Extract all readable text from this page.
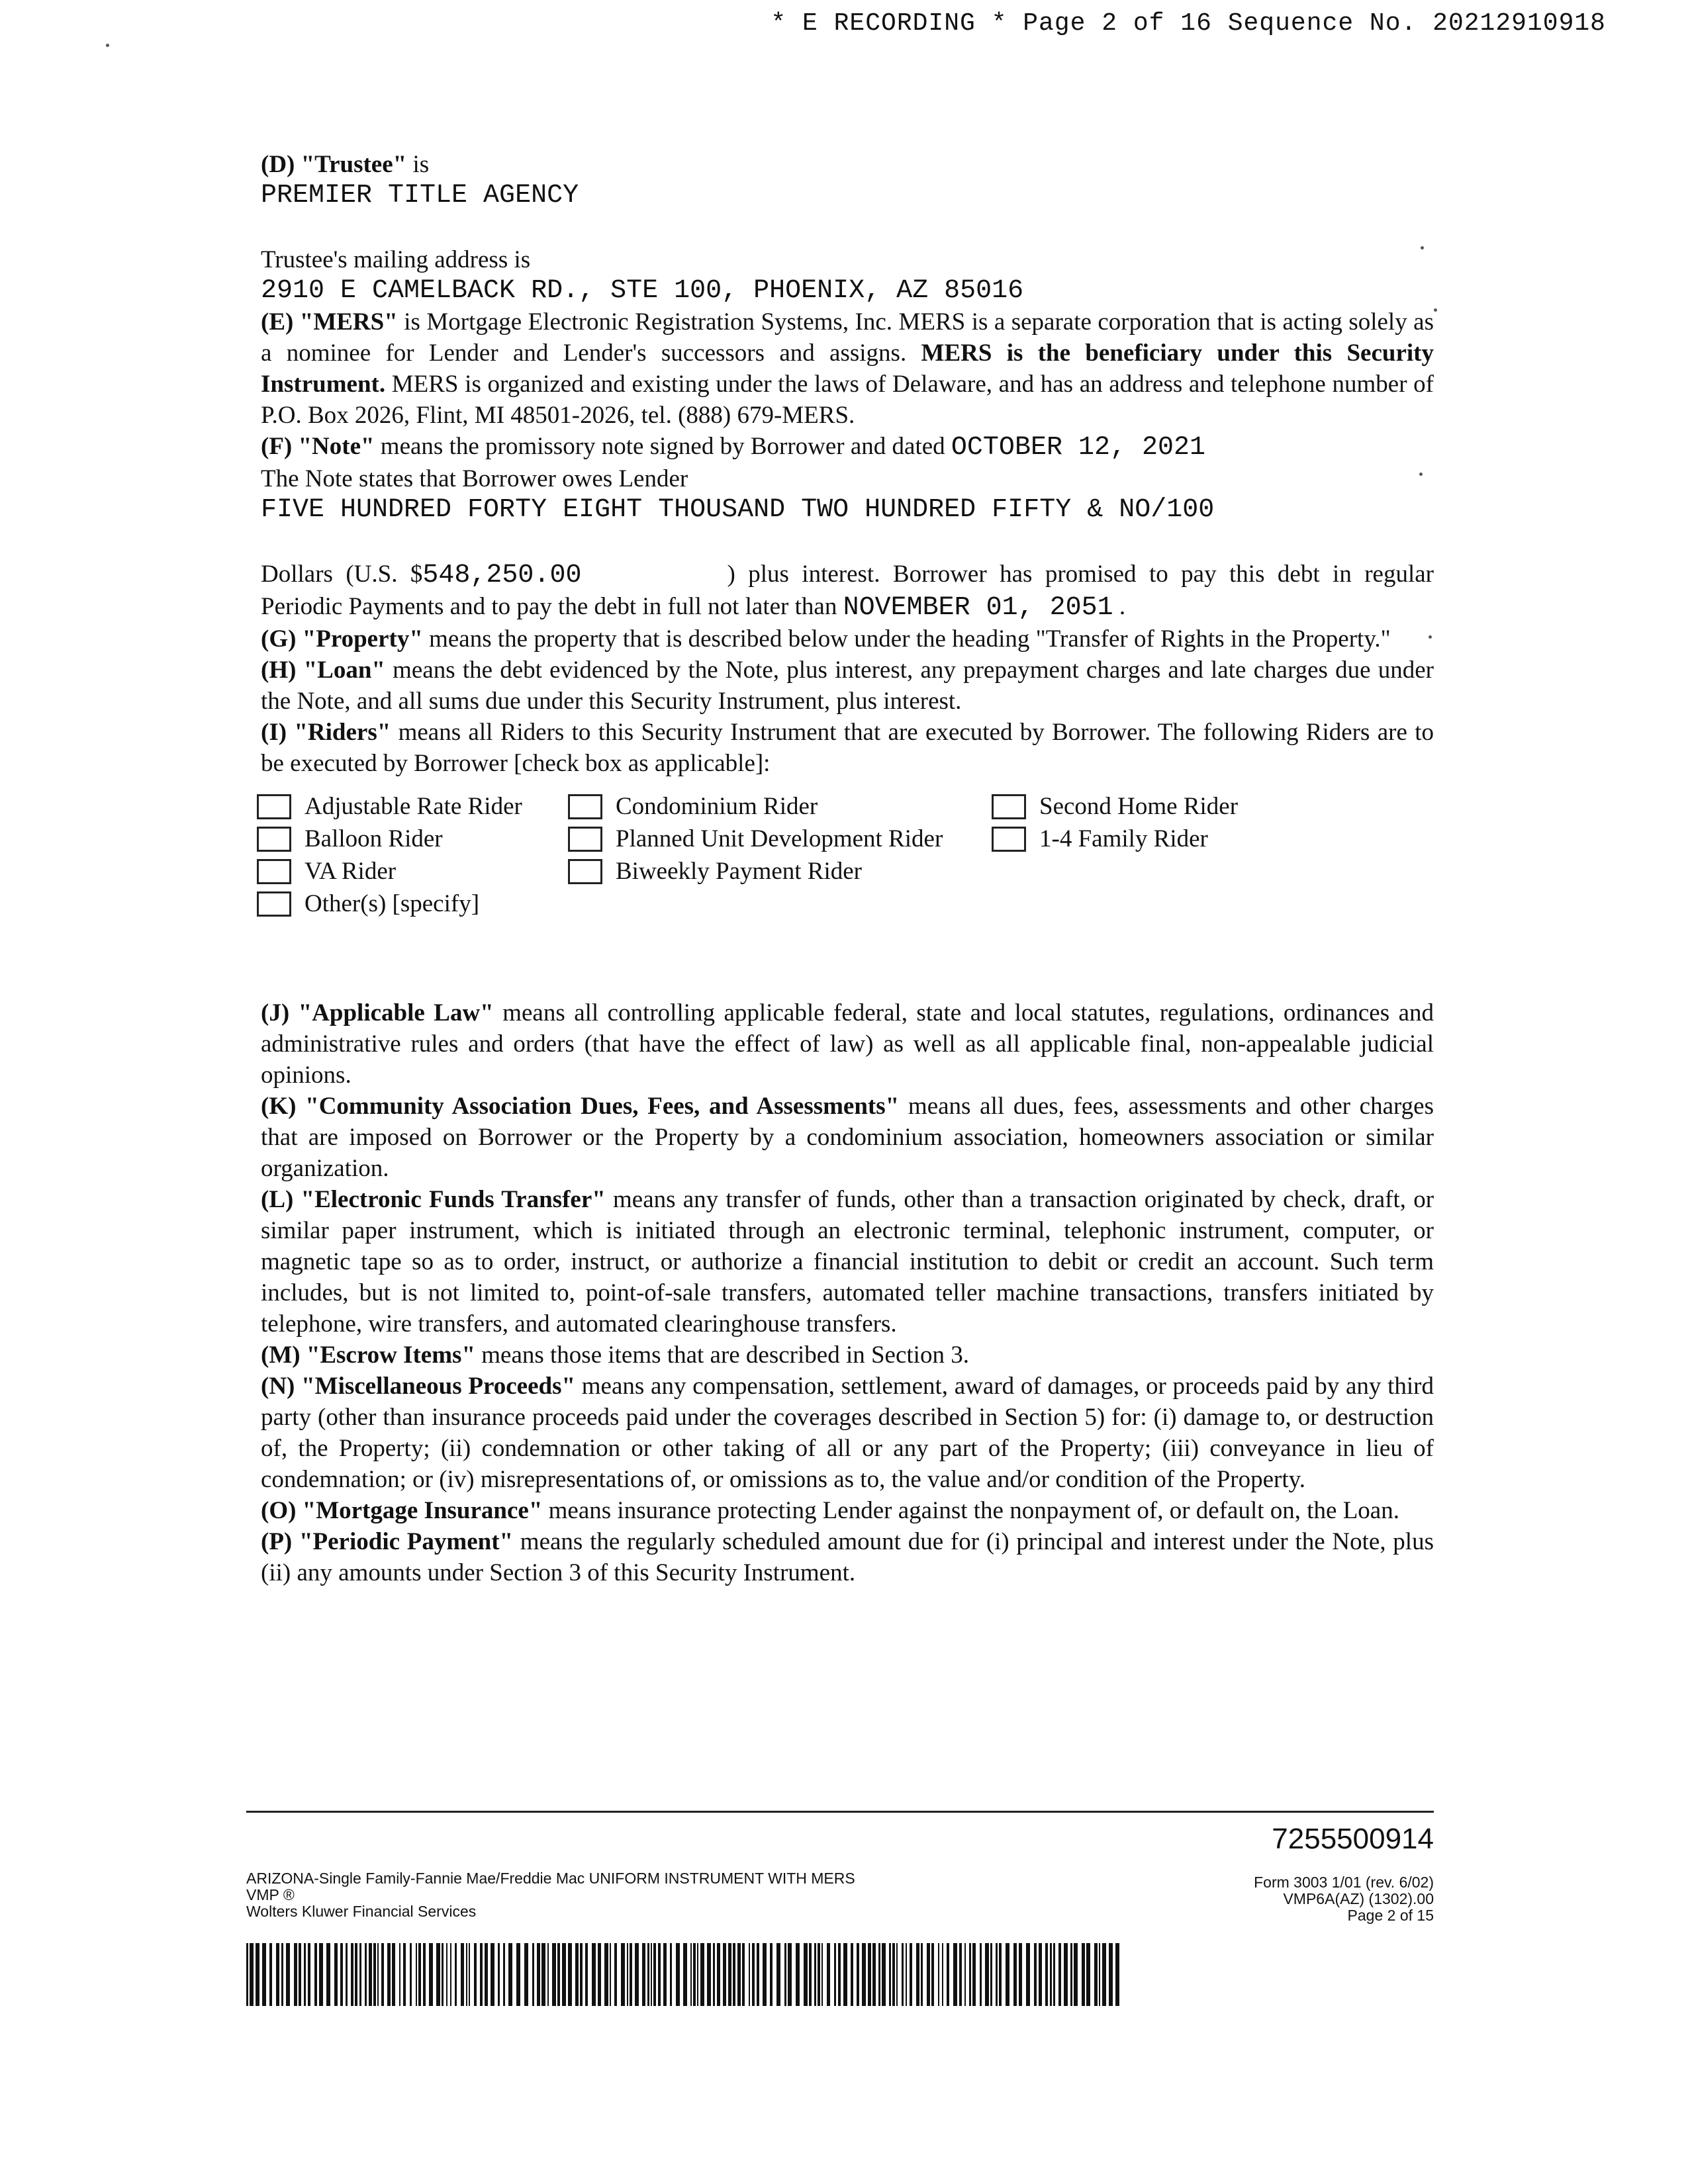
* E RECORDING * Page 2 of 16 Sequence No. 20212910918
(D) "Trustee" is
PREMIER TITLE AGENCY
Trustee's mailing address is
2910 E CAMELBACK RD., STE 100, PHOENIX, AZ 85016
(E) "MERS" is Mortgage Electronic Registration Systems, Inc. MERS is a separate corporation that is acting solely as a nominee for Lender and Lender's successors and assigns. MERS is the beneficiary under this Security Instrument. MERS is organized and existing under the laws of Delaware, and has an address and telephone number of P.O. Box 2026, Flint, MI 48501-2026, tel. (888) 679-MERS.
(F) "Note" means the promissory note signed by Borrower and dated OCTOBER 12, 2021
The Note states that Borrower owes Lender
FIVE HUNDRED FORTY EIGHT THOUSAND TWO HUNDRED FIFTY & NO/100
Dollars (U.S. $548,250.00	) plus interest. Borrower has promised to pay this debt in regular Periodic Payments and to pay the debt in full not later than NOVEMBER 01, 2051 .
(G) "Property" means the property that is described below under the heading "Transfer of Rights in the Property."
(H) "Loan" means the debt evidenced by the Note, plus interest, any prepayment charges and late charges due under the Note, and all sums due under this Security Instrument, plus interest.
(I) "Riders" means all Riders to this Security Instrument that are executed by Borrower. The following Riders are to be executed by Borrower [check box as applicable]:
Adjustable Rate Rider	Condominium Rider	Second Home Rider
Balloon Rider	Planned Unit Development Rider	1-4 Family Rider
VA Rider	Biweekly Payment Rider
Other(s) [specify]
(J) "Applicable Law" means all controlling applicable federal, state and local statutes, regulations, ordinances and administrative rules and orders (that have the effect of law) as well as all applicable final, non-appealable judicial opinions.
(K) "Community Association Dues, Fees, and Assessments" means all dues, fees, assessments and other charges that are imposed on Borrower or the Property by a condominium association, homeowners association or similar organization.
(L) "Electronic Funds Transfer" means any transfer of funds, other than a transaction originated by check, draft, or similar paper instrument, which is initiated through an electronic terminal, telephonic instrument, computer, or magnetic tape so as to order, instruct, or authorize a financial institution to debit or credit an account. Such term includes, but is not limited to, point-of-sale transfers, automated teller machine transactions, transfers initiated by telephone, wire transfers, and automated clearinghouse transfers.
(M) "Escrow Items" means those items that are described in Section 3.
(N) "Miscellaneous Proceeds" means any compensation, settlement, award of damages, or proceeds paid by any third party (other than insurance proceeds paid under the coverages described in Section 5) for: (i) damage to, or destruction of, the Property; (ii) condemnation or other taking of all or any part of the Property; (iii) conveyance in lieu of condemnation; or (iv) misrepresentations of, or omissions as to, the value and/or condition of the Property.
(O) "Mortgage Insurance" means insurance protecting Lender against the nonpayment of, or default on, the Loan.
(P) "Periodic Payment" means the regularly scheduled amount due for (i) principal and interest under the Note, plus (ii) any amounts under Section 3 of this Security Instrument.
7255500914
ARIZONA-Single Family-Fannie Mae/Freddie Mac UNIFORM INSTRUMENT WITH MERS
VMP ®
Wolters Kluwer Financial Services
Form 3003 1/01 (rev. 6/02)
VMP6A(AZ) (1302).00
Page 2 of 15
